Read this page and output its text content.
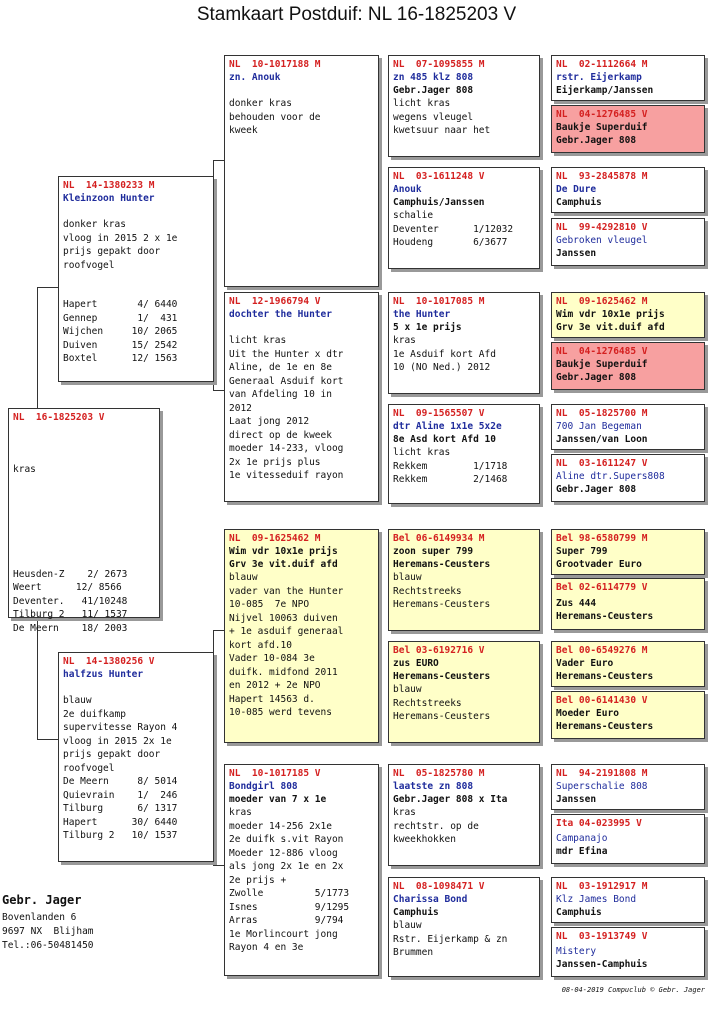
Stamkaart Postduif: NL 16-1825203 V
NL  16-1825203 V
kras
Heusden-Z    2/ 2673
Weert      12/ 8566
Deventer.   41/10248
Tilburg 2   11/ 1537
De Meern    18/ 2003
NL  14-1380233 M
Kleinzoon Hunter
donker kras
vloog in 2015 2 x 1e
prijs gepakt door
roofvogel
Hapert       4/ 6440
Gennep       1/  431
Wijchen     10/ 2065
Duiven      15/ 2542
Boxtel      12/ 1563
NL  14-1380256 V
halfzus Hunter
blauw
2e duifkamp
supervitesse Rayon 4
vloog in 2015 2x 1e
prijs gepakt door
roofvogel
De Meern     8/ 5014
Quievrain    1/  246
Tilburg      6/ 1317
Hapert      30/ 6440
Tilburg 2   10/ 1537
NL  10-1017188 M
zn. Anouk
donker kras
behouden voor de
kweek
NL  12-1966794 V
dochter the Hunter
licht kras
Uit the Hunter x dtr
Aline, de 1e en 8e
Generaal Asduif kort
van Afdeling 10 in
2012
Laat jong 2012
direct op de kweek
moeder 14-233, vloog
2x 1e prijs plus
1e vitesseduif rayon
NL  09-1625462 M
Wim vdr 10x1e prijs
Grv 3e vit.duif afd
blauw
vader van the Hunter
10-085  7e NPO
Nijvel 10063 duiven
+ 1e asduif generaal
kort afd.10
Vader 10-084 3e
duifk. midfond 2011
en 2012 + 2e NPO
Hapert 14563 d.
10-085 werd tevens
NL  10-1017185 V
Bondgirl 808
moeder van 7 x 1e
kras
moeder 14-256 2x1e
2e duifk s.vit Rayon
Moeder 12-886 vloog
als jong 2x 1e en 2x
2e prijs +
Zwolle         5/1773
Isnes          9/1295
Arras          9/794
1e Morlincourt jong
Rayon 4 en 3e
NL  07-1095855 M
zn 485 klz 808
Gebr.Jager 808
licht kras
wegens vleugel
kwetsuur naar het
NL  03-1611248 V
Anouk
Camphuis/Janssen
schalie
Deventer      1/12032
Houdeng       6/3677
NL  10-1017085 M
the Hunter
5 x 1e prijs
kras
1e Asduif kort Afd
10 (NO Ned.) 2012
NL  09-1565507 V
dtr Aline 1x1e 5x2e
8e Asd kort Afd 10
licht kras
Rekkem        1/1718
Rekkem        2/1468
Bel 06-6149934 M
zoon super 799
Heremans-Ceusters
blauw
Rechtstreeks
Heremans-Ceusters
Bel 03-6192716 V
zus EURO
Heremans-Ceusters
blauw
Rechtstreeks
Heremans-Ceusters
NL  05-1825780 M
laatste zn 808
Gebr.Jager 808 x Ita
kras
rechtstr. op de
kweekhokken
NL  08-1098471 V
Charissa Bond
Camphuis
blauw
Rstr. Eijerkamp & zn
Brummen
NL  02-1112664 M
rstr. Eijerkamp
Eijerkamp/Janssen
NL  04-1276485 V
Baukje Superduif
Gebr.Jager 808
NL  93-2845878 M
De Dure
Camphuis
NL  99-4292810 V
Gebroken vleugel
Janssen
NL  09-1625462 M
Wim vdr 10x1e prijs
Grv 3e vit.duif afd
NL  04-1276485 V
Baukje Superduif
Gebr.Jager 808
NL  05-1825700 M
700 Jan Begeman
Janssen/van Loon
NL  03-1611247 V
Aline dtr.Supers808
Gebr.Jager 808
Bel 98-6580799 M
Super 799
Grootvader Euro
Bel 02-6114779 V
Zus 444
Heremans-Ceusters
Bel 00-6549276 M
Vader Euro
Heremans-Ceusters
Bel 00-6141430 V
Moeder Euro
Heremans-Ceusters
NL  94-2191808 M
Superschalie 808
Janssen
Ita 04-023995 V
Campanajo
mdr Efina
NL  03-1912917 M
Klz James Bond
Camphuis
NL  03-1913749 V
Mistery
Janssen-Camphuis
Gebr. Jager
Bovenlanden 6
9697 NX  Blijham
Tel.:06-50481450
08-04-2019 Compuclub © Gebr. Jager
